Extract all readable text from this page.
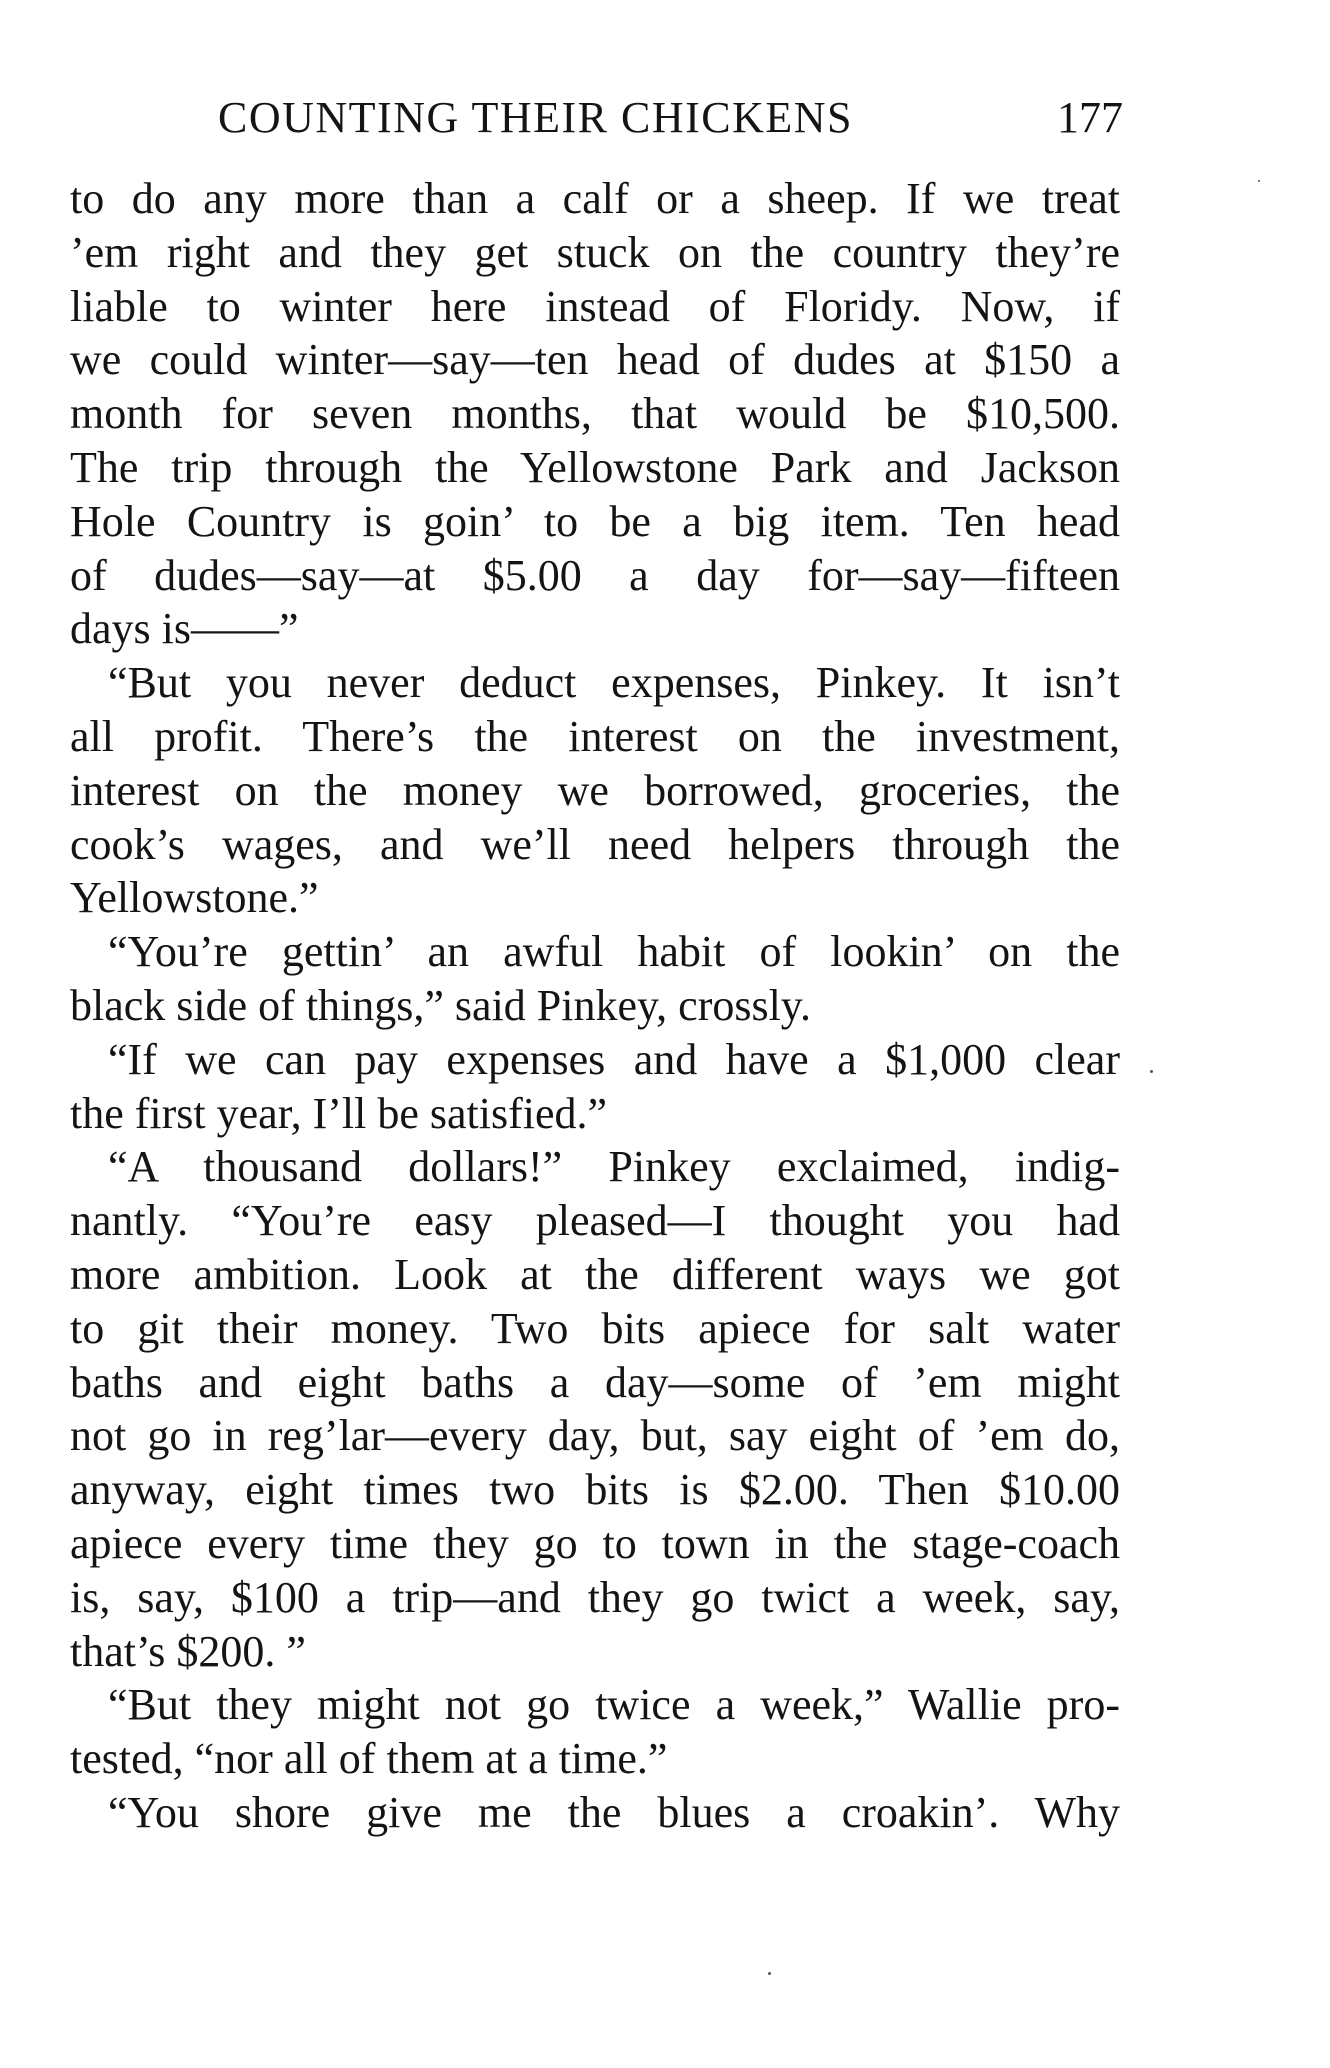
COUNTING THEIR CHICKENS	177
to do any more than a calf or a sheep. If we treat
’em right and they get stuck on the country they’re
liable to winter here instead of Floridy. Now, if
we could winter—say—ten head of dudes at $150 a
month for seven months, that would be $10,500.
The trip through the Yellowstone Park and Jackson
Hole Country is goin’ to be a big item. Ten head
of dudes—say—at $5.00 a day for—say—fifteen
days is——”
“But you never deduct expenses, Pinkey. It isn’t
all profit. There’s the interest on the investment,
interest on the money we borrowed, groceries, the
cook’s wages, and we’ll need helpers through the
Yellowstone.”
“You’re gettin’ an awful habit of lookin’ on the
black side of things,” said Pinkey, crossly.
“If we can pay expenses and have a $1,000 clear
the first year, I’ll be satisfied.”
“A thousand dollars!” Pinkey exclaimed, indig-
nantly. “You’re easy pleased—I thought you had
more ambition. Look at the different ways we got
to git their money. Two bits apiece for salt water
baths and eight baths a day—some of ’em might
not go in reg’lar—every day, but, say eight of ’em do,
anyway, eight times two bits is $2.00. Then $10.00
apiece every time they go to town in the stage-coach
is, say, $100 a trip—and they go twict a week, say,
that’s $200. ”
“But they might not go twice a week,” Wallie pro-
tested, “nor all of them at a time.”
“You shore give me the blues a croakin’. Why
